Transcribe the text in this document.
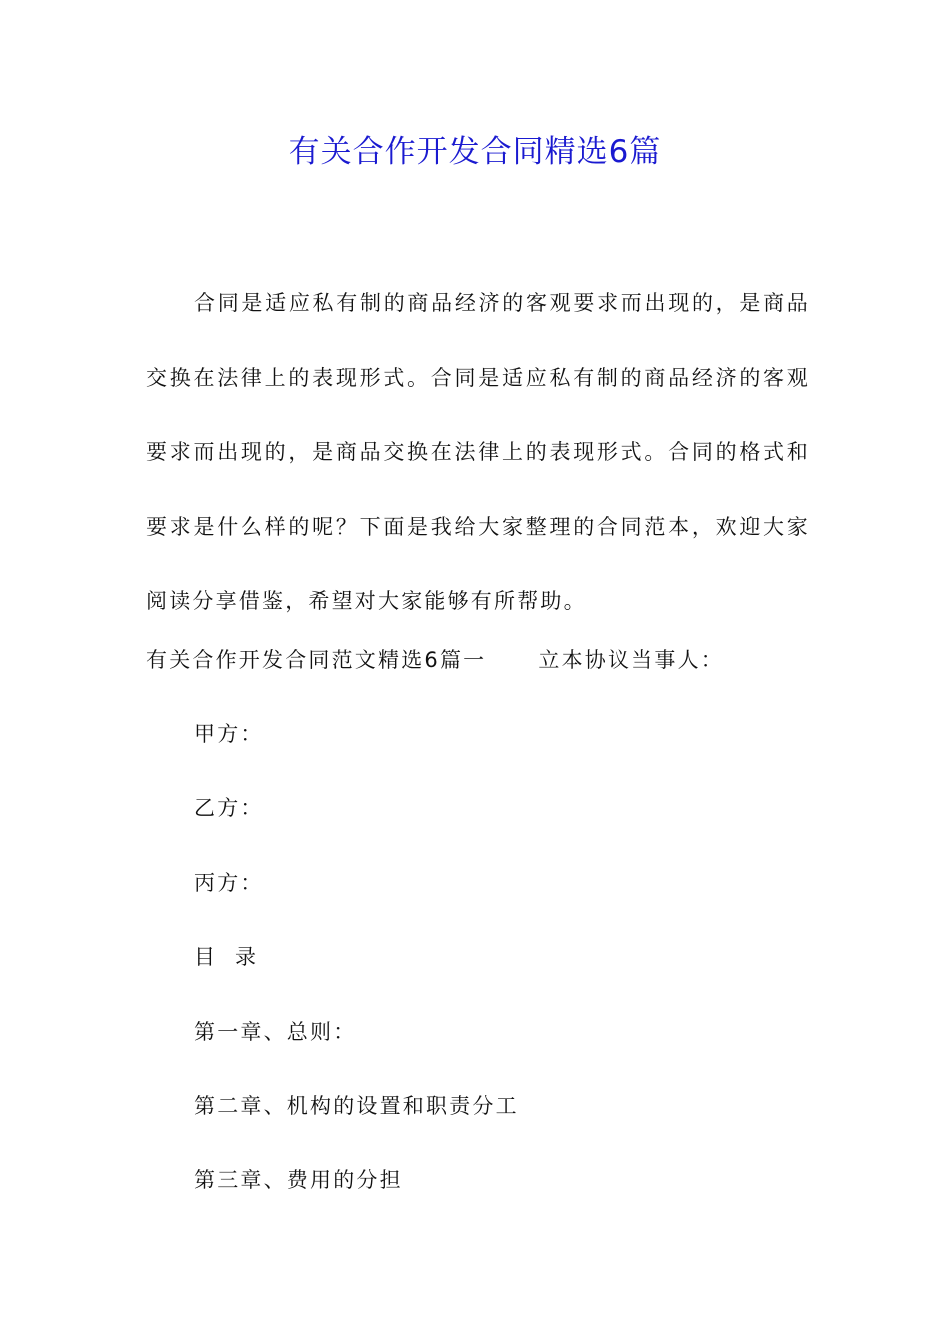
有关合作开发合同精选6篇

合同是适应私有制的商品经济的客观要求而出现的，是商品交换在法律上的表现形式。合同是适应私有制的商品经济的客观要求而出现的，是商品交换在法律上的表现形式。合同的格式和要求是什么样的呢？下面是我给大家整理的合同范本，欢迎大家阅读分享借鉴，希望对大家能够有所帮助。

有关合作开发合同范文精选6篇一 立本协议当事人：

甲方：

乙方：

丙方：

目  录

第一章、总则：

第二章、机构的设置和职责分工

第三章、费用的分担
